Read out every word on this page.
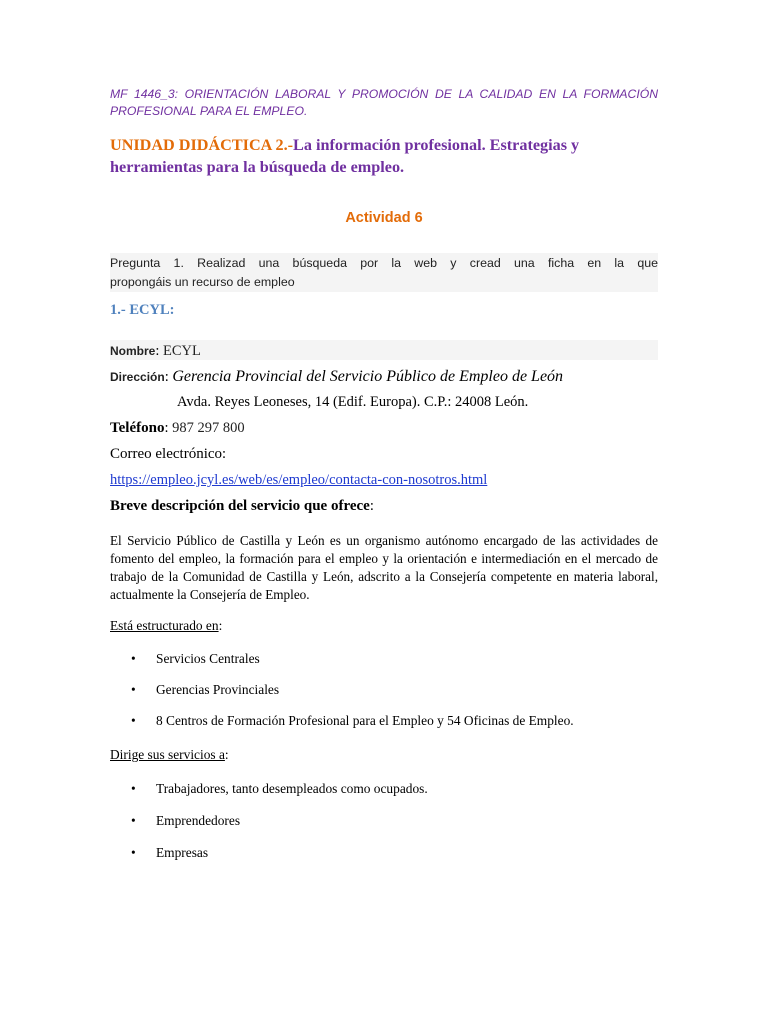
MF 1446_3: ORIENTACIÓN LABORAL Y PROMOCIÓN DE LA CALIDAD EN LA FORMACIÓN
PROFESIONAL PARA EL EMPLEO.
UNIDAD DIDÁCTICA 2.-La información profesional. Estrategias y
herramientas para la búsqueda de empleo.
Actividad 6
Pregunta 1. Realizad una búsqueda por la web y cread una ficha en la que
propongáis un recurso de empleo
1.- ECYL:
Nombre: ECYL
Dirección: Gerencia Provincial del Servicio Público de Empleo de León
Avda. Reyes Leoneses, 14 (Edif. Europa). C.P.: 24008 León.
Teléfono: 987 297 800
Correo electrónico:
https://empleo.jcyl.es/web/es/empleo/contacta-con-nosotros.html
Breve descripción del servicio que ofrece:
El Servicio Público de Castilla y León es un organismo autónomo encargado de las actividades de fomento del empleo, la formación para el empleo y la orientación e intermediación en el mercado de trabajo de la Comunidad de Castilla y León, adscrito a la Consejería competente en materia laboral, actualmente la Consejería de Empleo.
Está estructurado en:
• Servicios Centrales
• Gerencias Provinciales
• 8 Centros de Formación Profesional para el Empleo y 54 Oficinas de Empleo.
Dirige sus servicios a:
• Trabajadores, tanto desempleados como ocupados.
• Emprendedores
• Empresas
